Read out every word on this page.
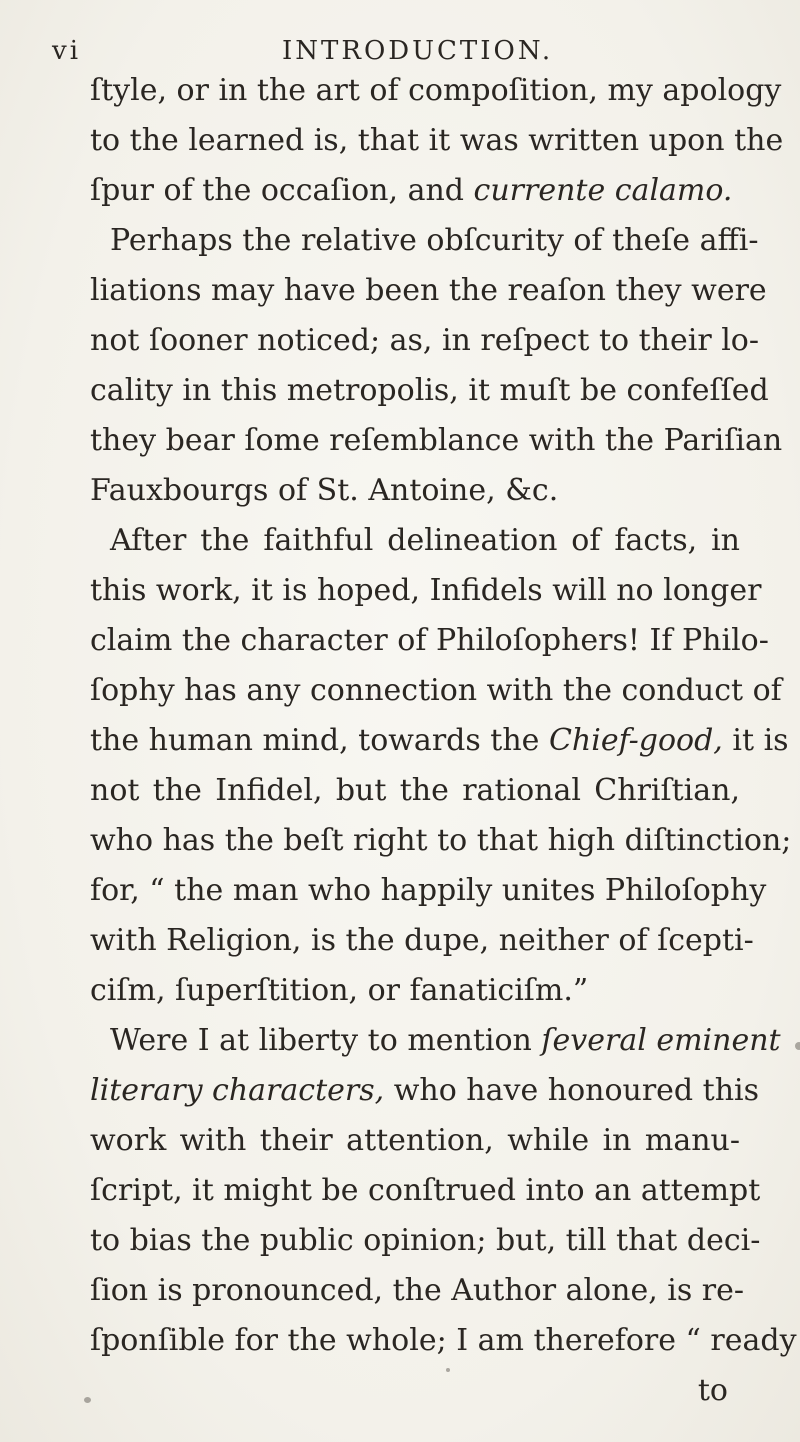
vi	INTRODUCTION.
ſtyle, or in the art of compoſition, my apology
to the learned is, that it was written upon the
ſpur of the occaſion, and currente calamo.
Perhaps the relative obſcurity of theſe affi-
liations may have been the reaſon they were
not ſooner noticed; as, in reſpect to their lo-
cality in this metropolis, it muſt be confeſſed
they bear ſome reſemblance with the Pariſian
Fauxbourgs of St. Antoine, &c.
After the faithful delineation of facts, in
this work, it is hoped, Infidels will no longer
claim the character of Philoſophers! If Philo-
ſophy has any connection with the conduct of
the human mind, towards the Chief-good, it is
not the Infidel, but the rational Chriſtian,
who has the beſt right to that high diſtinction;
for, “ the man who happily unites Philoſophy
with Religion, is the dupe, neither of ſcepti-
ciſm, ſuperſtition, or fanaticiſm.”
Were I at liberty to mention ſeveral eminent
literary characters, who have honoured this
work with their attention, while in manu-
ſcript, it might be conſtrued into an attempt
to bias the public opinion; but, till that deci-
ſion is pronounced, the Author alone, is re-
ſponſible for the whole; I am therefore “ ready
to
